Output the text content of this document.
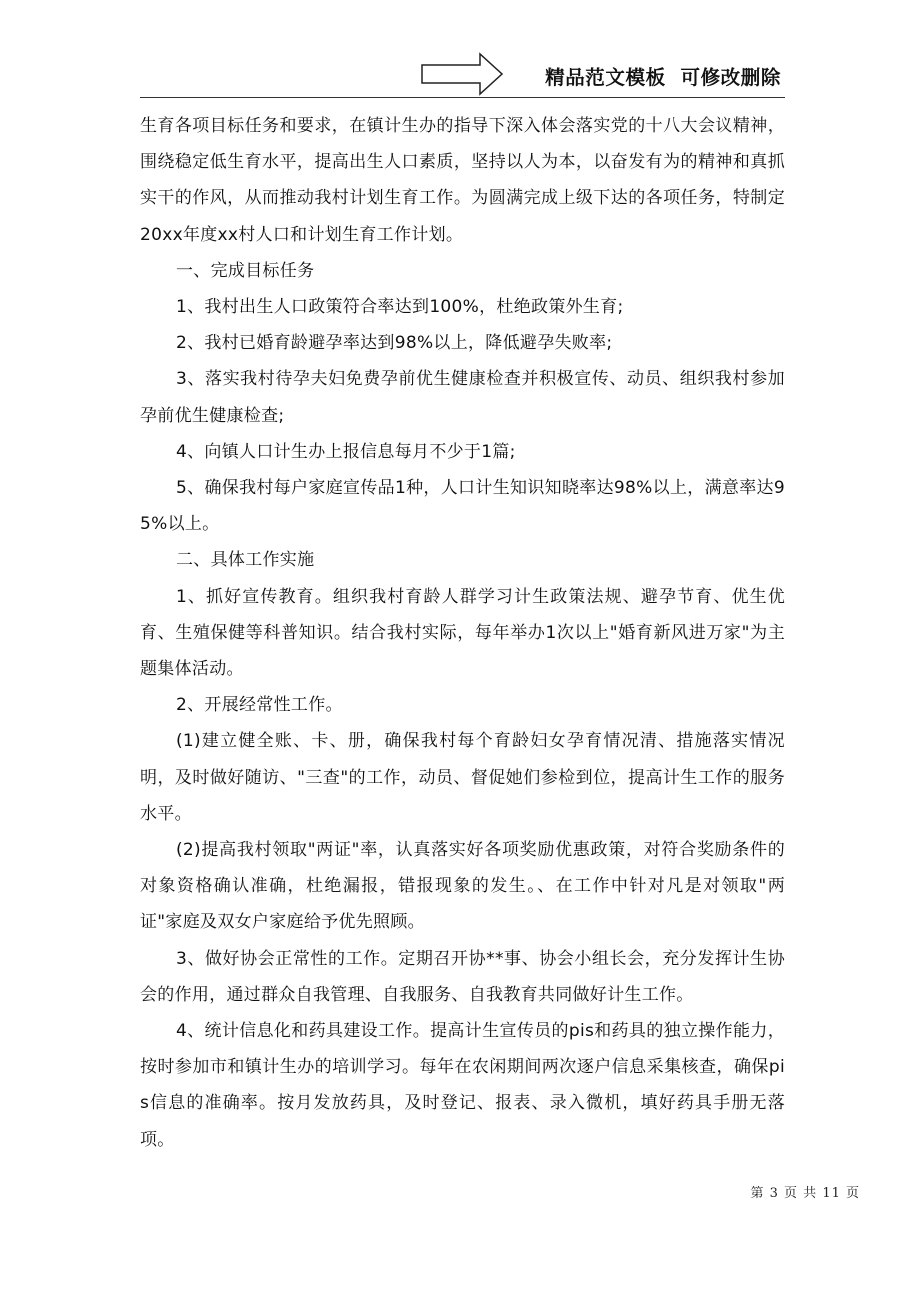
精品范文模板  可修改删除

生育各项目标任务和要求，在镇计生办的指导下深入体会落实党的十八大会议精神，围绕稳定低生育水平，提高出生人口素质，坚持以人为本，以奋发有为的精神和真抓实干的作风，从而推动我村计划生育工作。为圆满完成上级下达的各项任务，特制定20xx年度xx村人口和计划生育工作计划。

一、完成目标任务

1、我村出生人口政策符合率达到100%，杜绝政策外生育;

2、我村已婚育龄避孕率达到98%以上，降低避孕失败率;

3、落实我村待孕夫妇免费孕前优生健康检查并积极宣传、动员、组织我村参加孕前优生健康检查;

4、向镇人口计生办上报信息每月不少于1篇;

5、确保我村每户家庭宣传品1种，人口计生知识知晓率达98%以上，满意率达95%以上。

二、具体工作实施

1、抓好宣传教育。组织我村育龄人群学习计生政策法规、避孕节育、优生优育、生殖保健等科普知识。结合我村实际，每年举办1次以上"婚育新风进万家"为主题集体活动。

2、开展经常性工作。

(1)建立健全账、卡、册，确保我村每个育龄妇女孕育情况清、措施落实情况明，及时做好随访、"三查"的工作，动员、督促她们参检到位，提高计生工作的服务水平。

(2)提高我村领取"两证"率，认真落实好各项奖励优惠政策，对符合奖励条件的对象资格确认准确，杜绝漏报，错报现象的发生。、在工作中针对凡是对领取"两证"家庭及双女户家庭给予优先照顾。

3、做好协会正常性的工作。定期召开协**事、协会小组长会，充分发挥计生协会的作用，通过群众自我管理、自我服务、自我教育共同做好计生工作。

4、统计信息化和药具建设工作。提高计生宣传员的pis和药具的独立操作能力，按时参加市和镇计生办的培训学习。每年在农闲期间两次逐户信息采集核查，确保pis信息的准确率。按月发放药具，及时登记、报表、录入微机，填好药具手册无落项。

第 3 页 共 11 页
